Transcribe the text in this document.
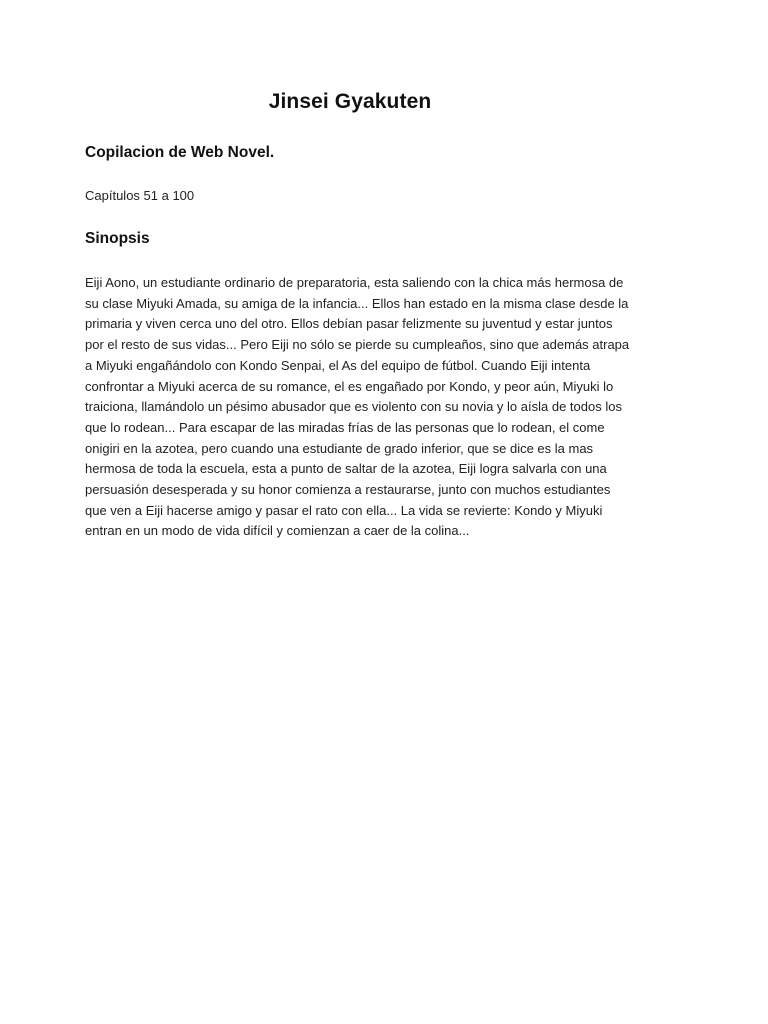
Jinsei Gyakuten
Copilacion de Web Novel.

Capítulos 51 a 100

Sinopsis

Eiji Aono, un estudiante ordinario de preparatoria, esta saliendo con la chica más hermosa de su clase Miyuki Amada, su amiga de la infancia... Ellos han estado en la misma clase desde la primaria y viven cerca uno del otro. Ellos debían pasar felizmente su juventud y estar juntos por el resto de sus vidas... Pero Eiji no sólo se pierde su cumpleaños, sino que además atrapa a Miyuki engañándolo con Kondo Senpai, el As del equipo de fútbol. Cuando Eiji intenta confrontar a Miyuki acerca de su romance, el es engañado por Kondo, y peor aún, Miyuki lo traiciona, llamándolo un pésimo abusador que es violento con su novia y lo aísla de todos los que lo rodean... Para escapar de las miradas frías de las personas que lo rodean, el come onigiri en la azotea, pero cuando una estudiante de grado inferior, que se dice es la mas hermosa de toda la escuela, esta a punto de saltar de la azotea, Eiji logra salvarla con una persuasión desesperada y su honor comienza a restaurarse, junto con muchos estudiantes que ven a Eiji hacerse amigo y pasar el rato con ella... La vida se revierte: Kondo y Miyuki entran en un modo de vida difícil y comienzan a caer de la colina...
